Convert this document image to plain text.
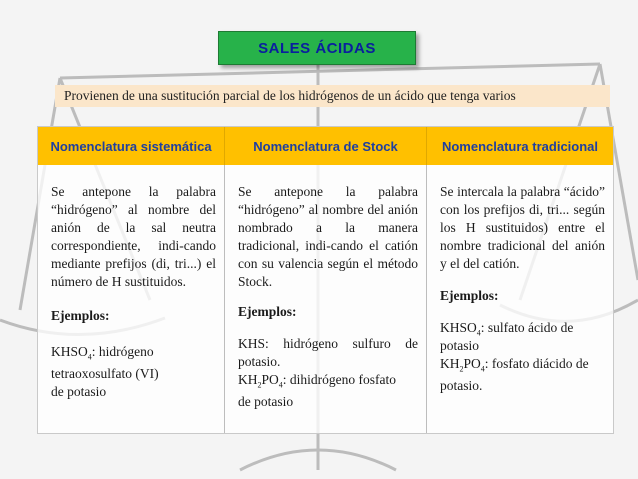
SALES ÁCIDAS
Provienen de una sustitución parcial de los hidrógenos de un ácido que tenga varios
Nomenclatura sistemática	Nomenclatura de Stock	Nomenclatura tradicional

Se antepone la palabra “hidrógeno” al nombre del anión de la sal neutra correspondiente, indi-cando mediante prefijos (di, tri...) el número de H sustituidos.

Ejemplos:

$KHSO_4$: hidrógeno

tetraoxosulfato (VI)

de potasio

Se antepone la palabra “hidrógeno” al nombre del anión nombrado a la manera tradicional, indi-cando el catión con su valencia según el método Stock.

Ejemplos:

KHS: hidrógeno sulfuro de potasio.

$KH_2PO_4$: dihidrógeno fosfato

de potasio

Se intercala la palabra “ácido” con los prefijos di, tri... según los H sustituidos) entre el nombre tradicional del anión y el del catión.

Ejemplos:

$KHSO_4$: sulfato ácido de

potasio

$KH_2PO_4$: fosfato diácido de

potasio.
